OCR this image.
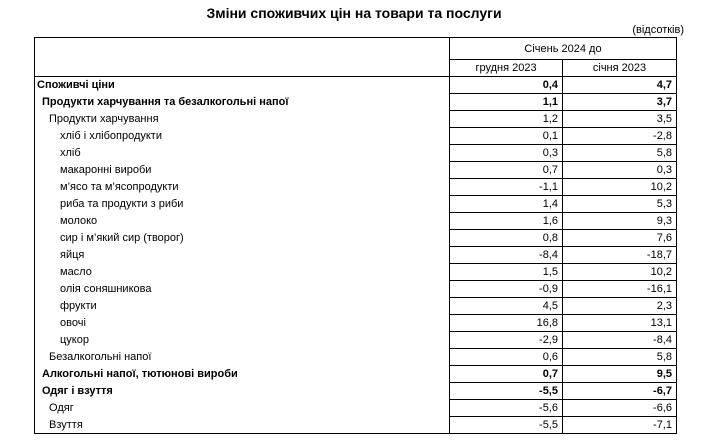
Зміни споживчих цін на товари та послуги
(відсотків)
	Січень 2024 до	
	грудня 2023	січня 2023
Споживчі ціни	0,4	4,7
Продукти харчування та безалкогольні напої	1,1	3,7
Продукти харчування	1,2	3,5
хліб і хлібопродукти	0,1	-2,8
хліб	0,3	5,8
макаронні вироби	0,7	0,3
м’ясо та м’ясопродукти	-1,1	10,2
риба та продукти з риби	1,4	5,3
молоко	1,6	9,3
сир і м’який сир (творог)	0,8	7,6
яйця	-8,4	-18,7
масло	1,5	10,2
олія соняшникова	-0,9	-16,1
фрукти	4,5	2,3
овочі	16,8	13,1
цукор	-2,9	-8,4
Безалкогольні напої	0,6	5,8
Алкогольні напої, тютюнові вироби	0,7	9,5
Одяг і взуття	-5,5	-6,7
Одяг	-5,6	-6,6
Взуття	-5,5	-7,1
